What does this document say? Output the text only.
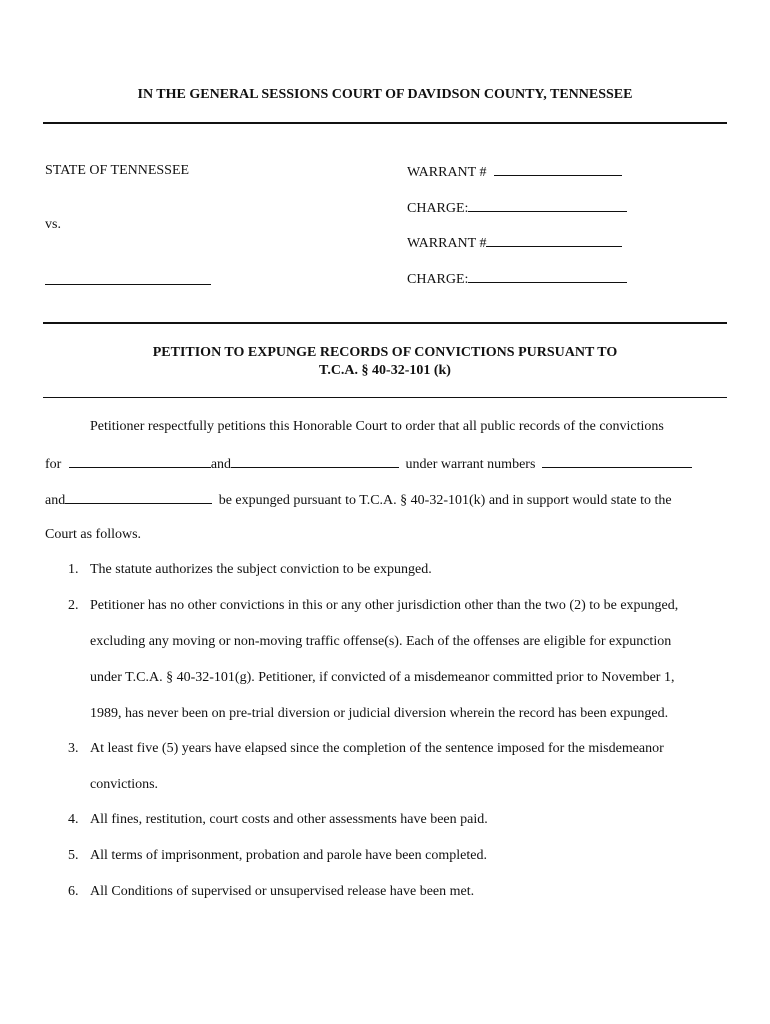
IN THE GENERAL SESSIONS COURT OF DAVIDSON COUNTY, TENNESSEE
STATE OF TENNESSEE
vs.
WARRANT #
CHARGE:
WARRANT #
CHARGE:
PETITION TO EXPUNGE RECORDS OF CONVICTIONS PURSUANT TO
T.C.A. § 40-32-101 (k)
Petitioner respectfully petitions this Honorable Court to order that all public records of the convictions
for	and	under warrant numbers
and	be expunged pursuant to T.C.A. § 40-32-101(k) and in support would state to the
Court as follows.
1. The statute authorizes the subject conviction to be expunged.
2. Petitioner has no other convictions in this or any other jurisdiction other than the two (2) to be expunged,
excluding any moving or non-moving traffic offense(s). Each of the offenses are eligible for expunction
under T.C.A. § 40-32-101(g). Petitioner, if convicted of a misdemeanor committed prior to November 1,
1989, has never been on pre-trial diversion or judicial diversion wherein the record has been expunged.
3. At least five (5) years have elapsed since the completion of the sentence imposed for the misdemeanor
convictions.
4. All fines, restitution, court costs and other assessments have been paid.
5. All terms of imprisonment, probation and parole have been completed.
6. All Conditions of supervised or unsupervised release have been met.
